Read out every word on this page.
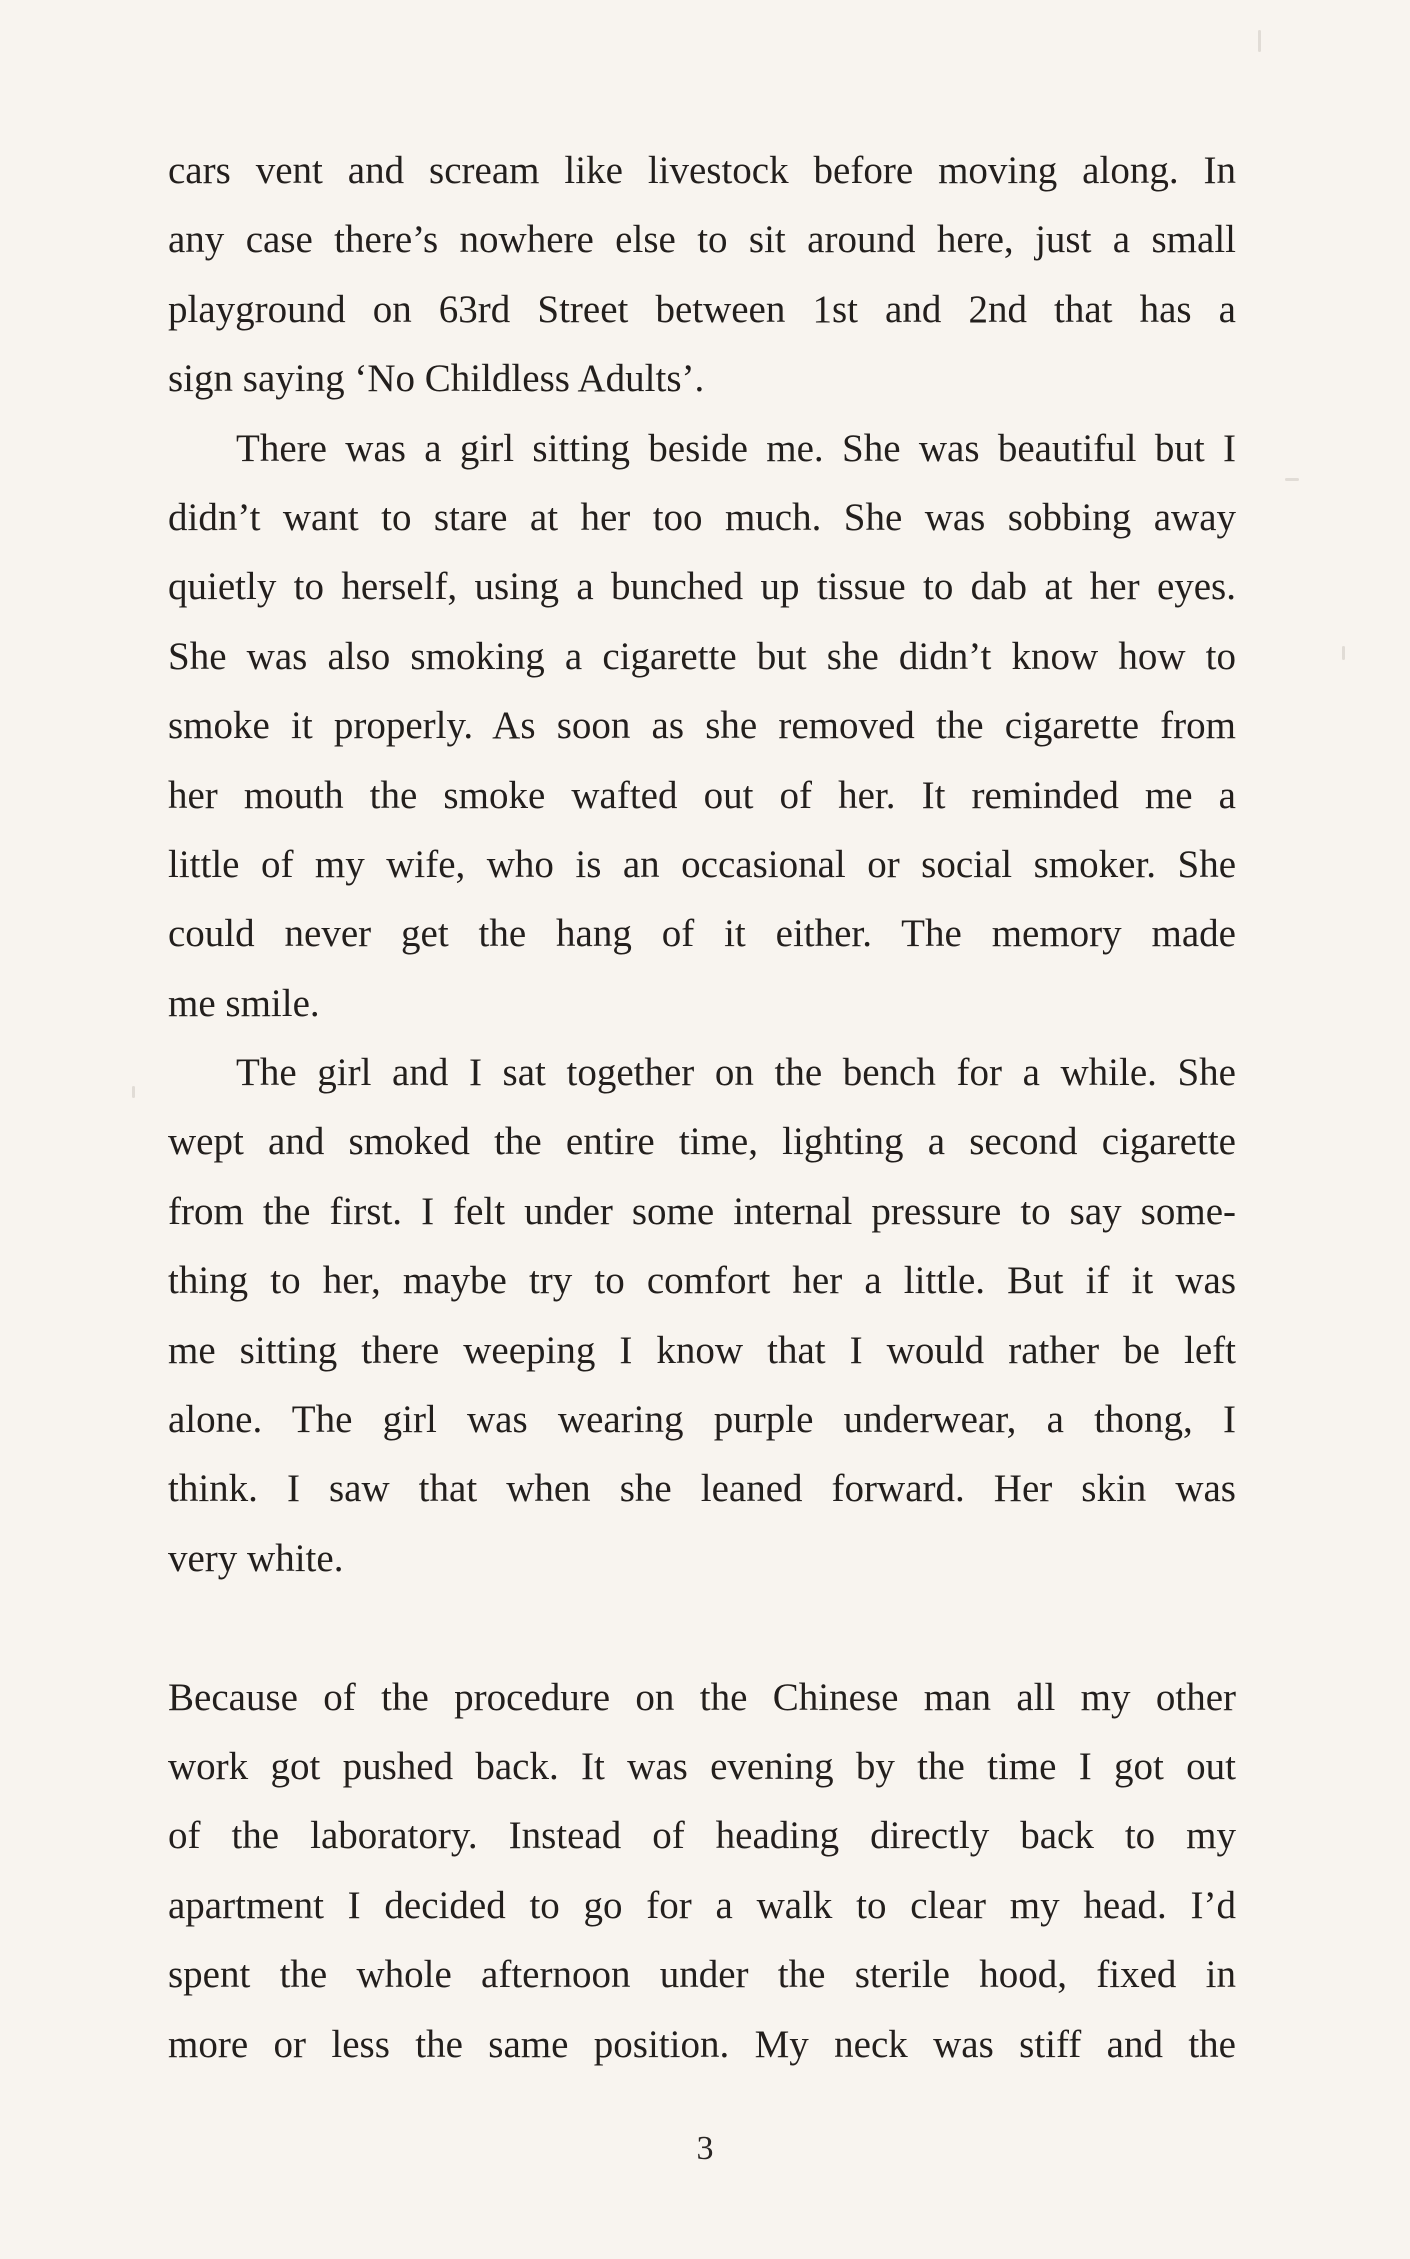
cars vent and scream like livestock before moving along. In
any case there’s nowhere else to sit around here, just a small
playground on 63rd Street between 1st and 2nd that has a
sign saying ‘No Childless Adults’.
There was a girl sitting beside me. She was beautiful but I
didn’t want to stare at her too much. She was sobbing away
quietly to herself, using a bunched up tissue to dab at her eyes.
She was also smoking a cigarette but she didn’t know how to
smoke it properly. As soon as she removed the cigarette from
her mouth the smoke wafted out of her. It reminded me a
little of my wife, who is an occasional or social smoker. She
could never get the hang of it either. The memory made
me smile.
The girl and I sat together on the bench for a while. She
wept and smoked the entire time, lighting a second cigarette
from the first. I felt under some internal pressure to say some-
thing to her, maybe try to comfort her a little. But if it was
me sitting there weeping I know that I would rather be left
alone. The girl was wearing purple underwear, a thong, I
think. I saw that when she leaned forward. Her skin was
very white.
Because of the procedure on the Chinese man all my other
work got pushed back. It was evening by the time I got out
of the laboratory. Instead of heading directly back to my
apartment I decided to go for a walk to clear my head. I’d
spent the whole afternoon under the sterile hood, fixed in
more or less the same position. My neck was stiff and the
3
